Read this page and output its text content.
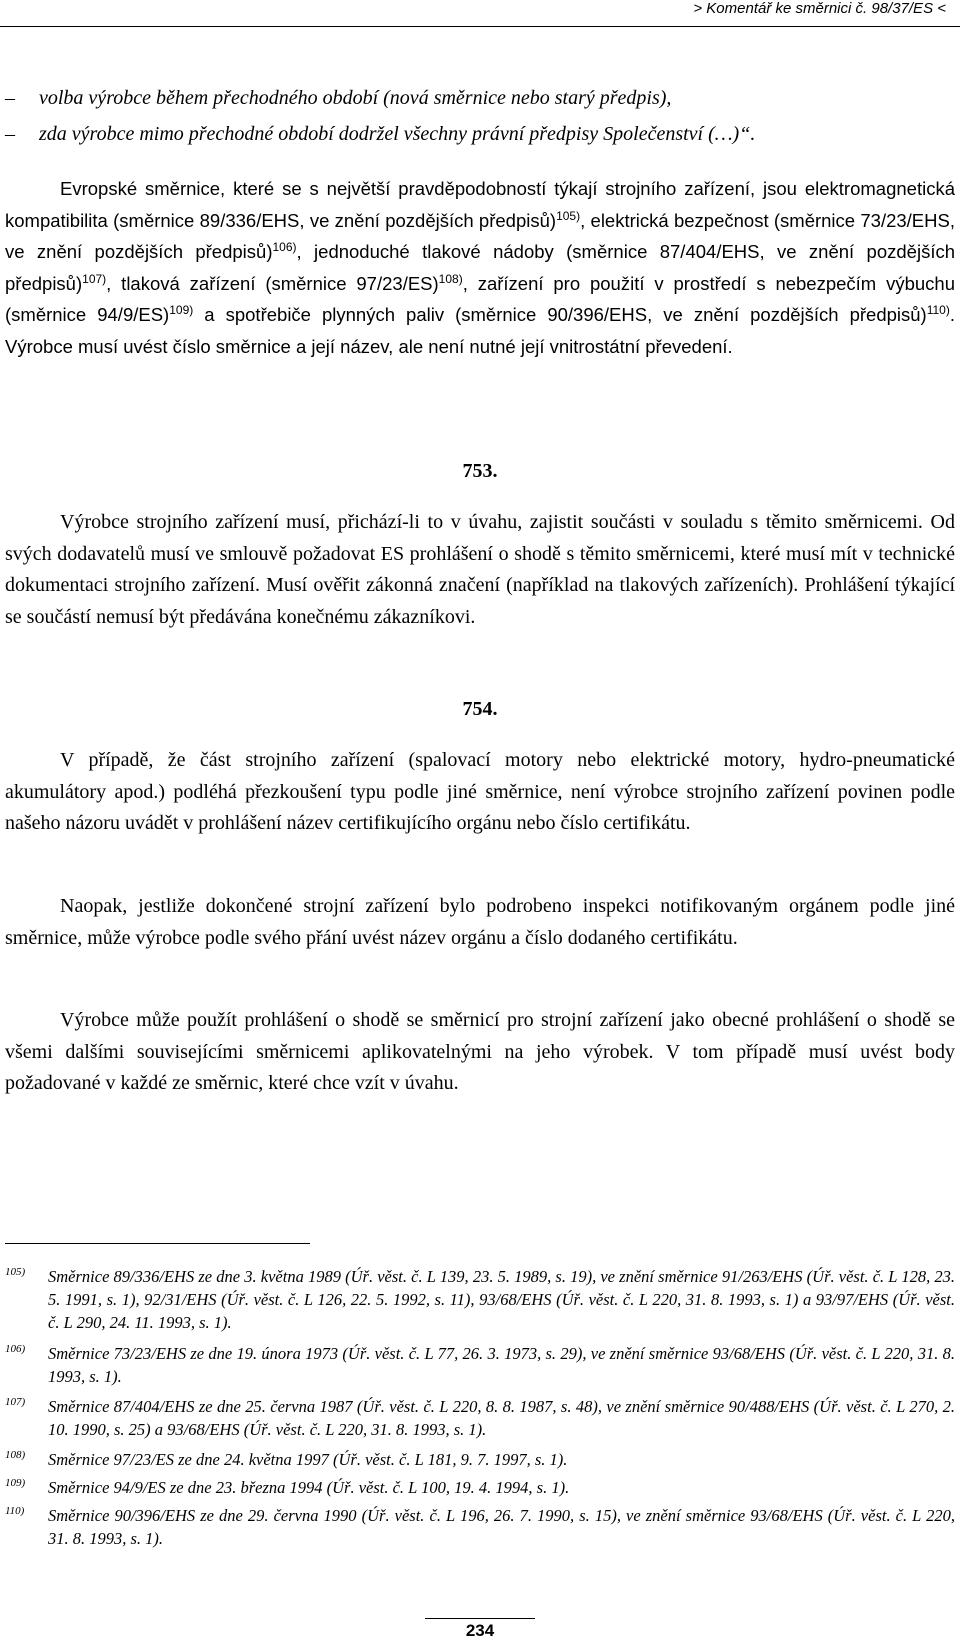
> Komentář ke směrnici č. 98/37/ES <
– volba výrobce během přechodného období (nová směrnice nebo starý předpis),
– zda výrobce mimo přechodné období dodržel všechny právní předpisy Společenství (…)“.
Evropské směrnice, které se s největší pravděpodobností týkají strojního zařízení, jsou elektromagnetická kompatibilita (směrnice 89/336/EHS, ve znění pozdějších předpisů)$^{105)}$, elektrická bezpečnost (směrnice 73/23/EHS, ve znění pozdějších předpisů)$^{106)}$, jednoduché tlakové nádoby (směrnice 87/404/EHS, ve znění pozdějších předpisů)$^{107)}$, tlaková zařízení (směrnice 97/23/ES)$^{108)}$, zařízení pro použití v prostředí s nebezpečím výbuchu (směrnice 94/9/ES)$^{109)}$ a spotřebiče plynných paliv (směrnice 90/396/EHS, ve znění pozdějších předpisů)$^{110)}$. Výrobce musí uvést číslo směrnice a její název, ale není nutné její vnitrostátní převedení.
753.
Výrobce strojního zařízení musí, přichází-li to v úvahu, zajistit součásti v souladu s těmito směrnicemi. Od svých dodavatelů musí ve smlouvě požadovat ES prohlášení o shodě s těmito směrnicemi, které musí mít v technické dokumentaci strojního zařízení. Musí ověřit zákonná značení (například na tlakových zařízeních). Prohlášení týkající se součástí nemusí být předávána konečnému zákazníkovi.
754.
V případě, že část strojního zařízení (spalovací motory nebo elektrické motory, hydro-pneumatické akumulátory apod.) podléhá přezkoušení typu podle jiné směrnice, není výrobce strojního zařízení povinen podle našeho názoru uvádět v prohlášení název certifikujícího orgánu nebo číslo certifikátu.
Naopak, jestliže dokončené strojní zařízení bylo podrobeno inspekci notifikovaným orgánem podle jiné směrnice, může výrobce podle svého přání uvést název orgánu a číslo dodaného certifikátu.
Výrobce může použít prohlášení o shodě se směrnicí pro strojní zařízení jako obecné prohlášení o shodě se všemi dalšími souvisejícími směrnicemi aplikovatelnými na jeho výrobek. V tom případě musí uvést body požadované v každé ze směrnic, které chce vzít v úvahu.
105) Směrnice 89/336/EHS ze dne 3. května 1989 (Úř. věst. č. L 139, 23. 5. 1989, s. 19), ve znění směrnice 91/263/EHS (Úř. věst. č. L 128, 23. 5. 1991, s. 1), 92/31/EHS (Úř. věst. č. L 126, 22. 5. 1992, s. 11), 93/68/EHS (Úř. věst. č. L 220, 31. 8. 1993, s. 1) a 93/97/EHS (Úř. věst. č. L 290, 24. 11. 1993, s. 1).
106) Směrnice 73/23/EHS ze dne 19. února 1973 (Úř. věst. č. L 77, 26. 3. 1973, s. 29), ve znění směrnice 93/68/EHS (Úř. věst. č. L 220, 31. 8. 1993, s. 1).
107) Směrnice 87/404/EHS ze dne 25. června 1987 (Úř. věst. č. L 220, 8. 8. 1987, s. 48), ve znění směrnice 90/488/EHS (Úř. věst. č. L 270, 2. 10. 1990, s. 25) a 93/68/EHS (Úř. věst. č. L 220, 31. 8. 1993, s. 1).
108) Směrnice 97/23/ES ze dne 24. května 1997 (Úř. věst. č. L 181, 9. 7. 1997, s. 1).
109) Směrnice 94/9/ES ze dne 23. března 1994 (Úř. věst. č. L 100, 19. 4. 1994, s. 1).
110) Směrnice 90/396/EHS ze dne 29. června 1990 (Úř. věst. č. L 196, 26. 7. 1990, s. 15), ve znění směrnice 93/68/EHS (Úř. věst. č. L 220, 31. 8. 1993, s. 1).
234
